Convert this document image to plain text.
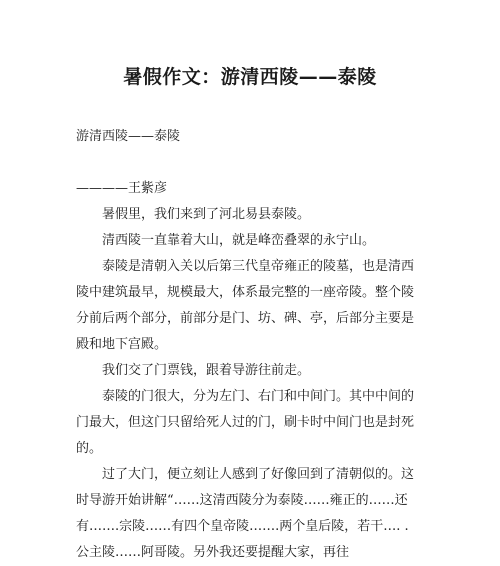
暑假作文：游清西陵——泰陵

游清西陵——泰陵

————王紫彦

暑假里，我们来到了河北易县泰陵。

清西陵一直靠着大山，就是峰峦叠翠的永宁山。

泰陵是清朝入关以后第三代皇帝雍正的陵墓，也是清西陵中建筑最早，规模最大，体系最完整的一座帝陵。整个陵分前后两个部分，前部分是门、坊、碑、亭，后部分主要是殿和地下宫殿。

我们交了门票钱，跟着导游往前走。

泰陵的门很大，分为左门、右门和中间门。其中中间的门最大，但这门只留给死人过的门，刷卡时中间门也是封死的。

过了大门，便立刻让人感到了好像回到了清朝似的。这时导游开始讲解“……这清西陵分为泰陵……雍正的……还有…….宗陵……有四个皇帝陵…….两个皇后陵，若干…. . 公主陵……阿哥陵。另外我还要提醒大家，再往
